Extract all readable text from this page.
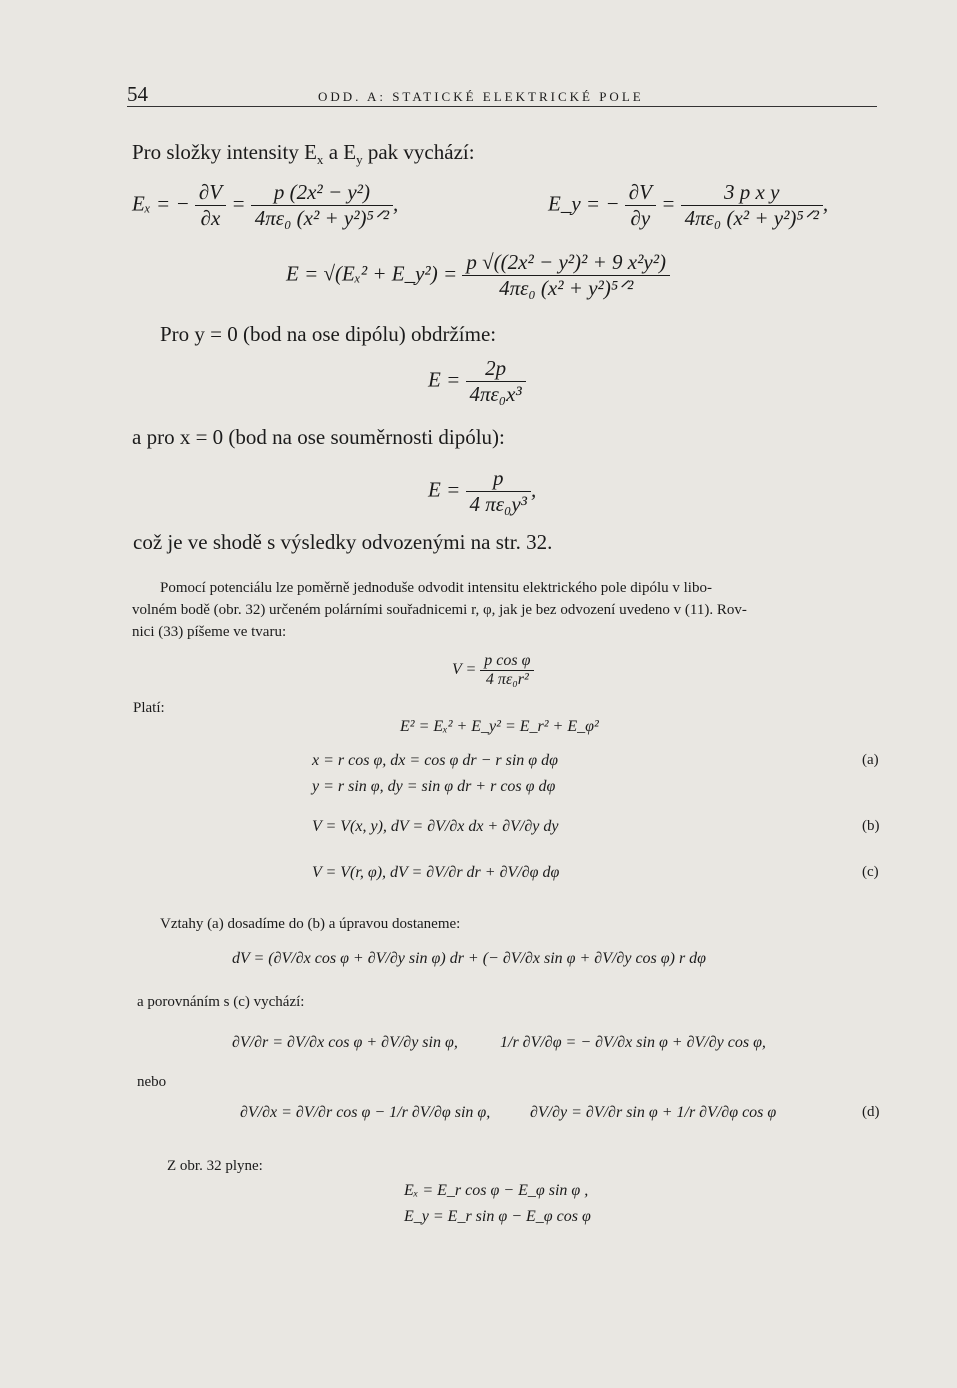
54	ODD. A: STATICKÉ ELEKTRICKÉ POLE
Pro složky intensity $E_x$ a $E_y$ pak vychází:
Eₓ = − $\frac{\partial V}{\partial x} = \frac{\text{p (2x² − y²)}}{\text{4πε₀ (x² + y²)⁵ᐟ²}}$ ,	E_y = − $\frac{\partial V}{\partial y} = \frac{\text{3 p x y}}{\text{4πε₀ (x² + y²)⁵ᐟ²}}$ ,
E = √(Eₓ² + E_y²) = $\frac{\text{p √((2x² − y²)² + 9 x²y²)}}{\text{4πε₀ (x² + y²)⁵ᐟ²}}$
Pro y = 0 (bod na ose dipólu) obdržíme:
$E = \frac{2p}{\text{4πε₀x³}}$
a pro x = 0 (bod na ose souměrnosti dipólu):
$E = \frac{p}{\text{4 πε₀y³}}$ ,
což je ve shodě s výsledky odvozenými na str. 32.
Pomocí potenciálu lze poměrně jednoduše odvodit intensitu elektrického pole dipólu v libo-
volném bodě (obr. 32) určeném polárními souřadnicemi r, φ, jak je bez odvození uvedeno v (11). Rov-
nici (33) píšeme ve tvaru:
$V = \frac{\text{p cos φ}}{\text{4 πε₀r²}}$
Platí:
E² = Eₓ² + E_y² = E_r² + E_φ²
x = r cos φ, dx = cos φ dr − r sin φ dφ
y = r sin φ, dy = sin φ dr + r cos φ dφ
(a)
V = V(x, y), dV = ∂V/∂x dx + ∂V/∂y dy	(b)
V = V(r, φ), dV = ∂V/∂r dr + ∂V/∂φ dφ	(c)
Vztahy (a) dosadíme do (b) a úpravou dostaneme:
dV = (∂V/∂x cos φ + ∂V/∂y sin φ) dr + (− ∂V/∂x sin φ + ∂V/∂y cos φ) r dφ
a porovnáním s (c) vychází:
∂V/∂r = ∂V/∂x cos φ + ∂V/∂y sin φ,	1/r ∂V/∂φ = − ∂V/∂x sin φ + ∂V/∂y cos φ,
nebo
∂V/∂x = ∂V/∂r cos φ − 1/r ∂V/∂φ sin φ, ∂V/∂y = ∂V/∂r sin φ + 1/r ∂V/∂φ cos φ	(d)
Z obr. 32 plyne:
Eₓ = E_r cos φ − E_φ sin φ ,
E_y = E_r sin φ − E_φ cos φ
